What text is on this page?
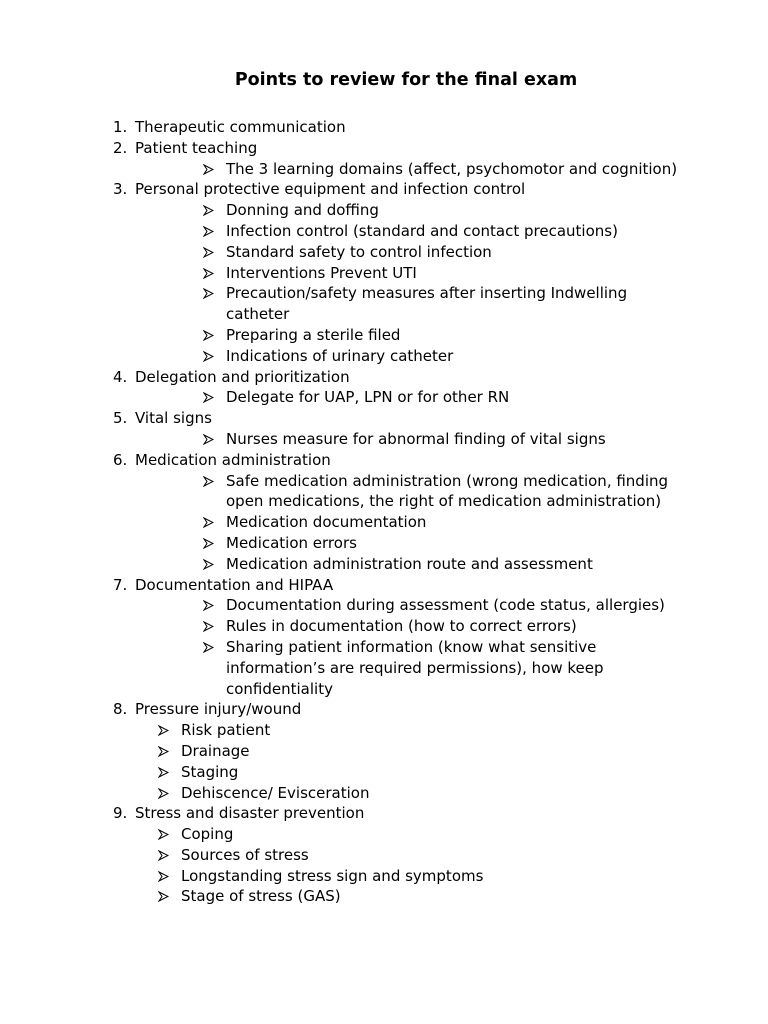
Points to review for the final exam
1. Therapeutic communication
2. Patient teaching
The 3 learning domains (affect, psychomotor and cognition)
3. Personal protective equipment and infection control
Donning and doffing
Infection control (standard and contact precautions)
Standard safety to control infection
Interventions Prevent UTI
Precaution/safety measures after inserting Indwelling catheter
Preparing a sterile filed
Indications of urinary catheter
4. Delegation and prioritization
Delegate for UAP, LPN or for other RN
5. Vital signs
Nurses measure for abnormal finding of vital signs
6. Medication administration
Safe medication administration (wrong medication, finding open medications, the right of medication administration)
Medication documentation
Medication errors
Medication administration route and assessment
7. Documentation and HIPAA
Documentation during assessment (code status, allergies)
Rules in documentation (how to correct errors)
Sharing patient information (know what sensitive information’s are required permissions), how keep confidentiality
8. Pressure injury/wound
Risk patient
Drainage
Staging
Dehiscence/ Evisceration
9. Stress and disaster prevention
Coping
Sources of stress
Longstanding stress sign and symptoms
Stage of stress (GAS)
